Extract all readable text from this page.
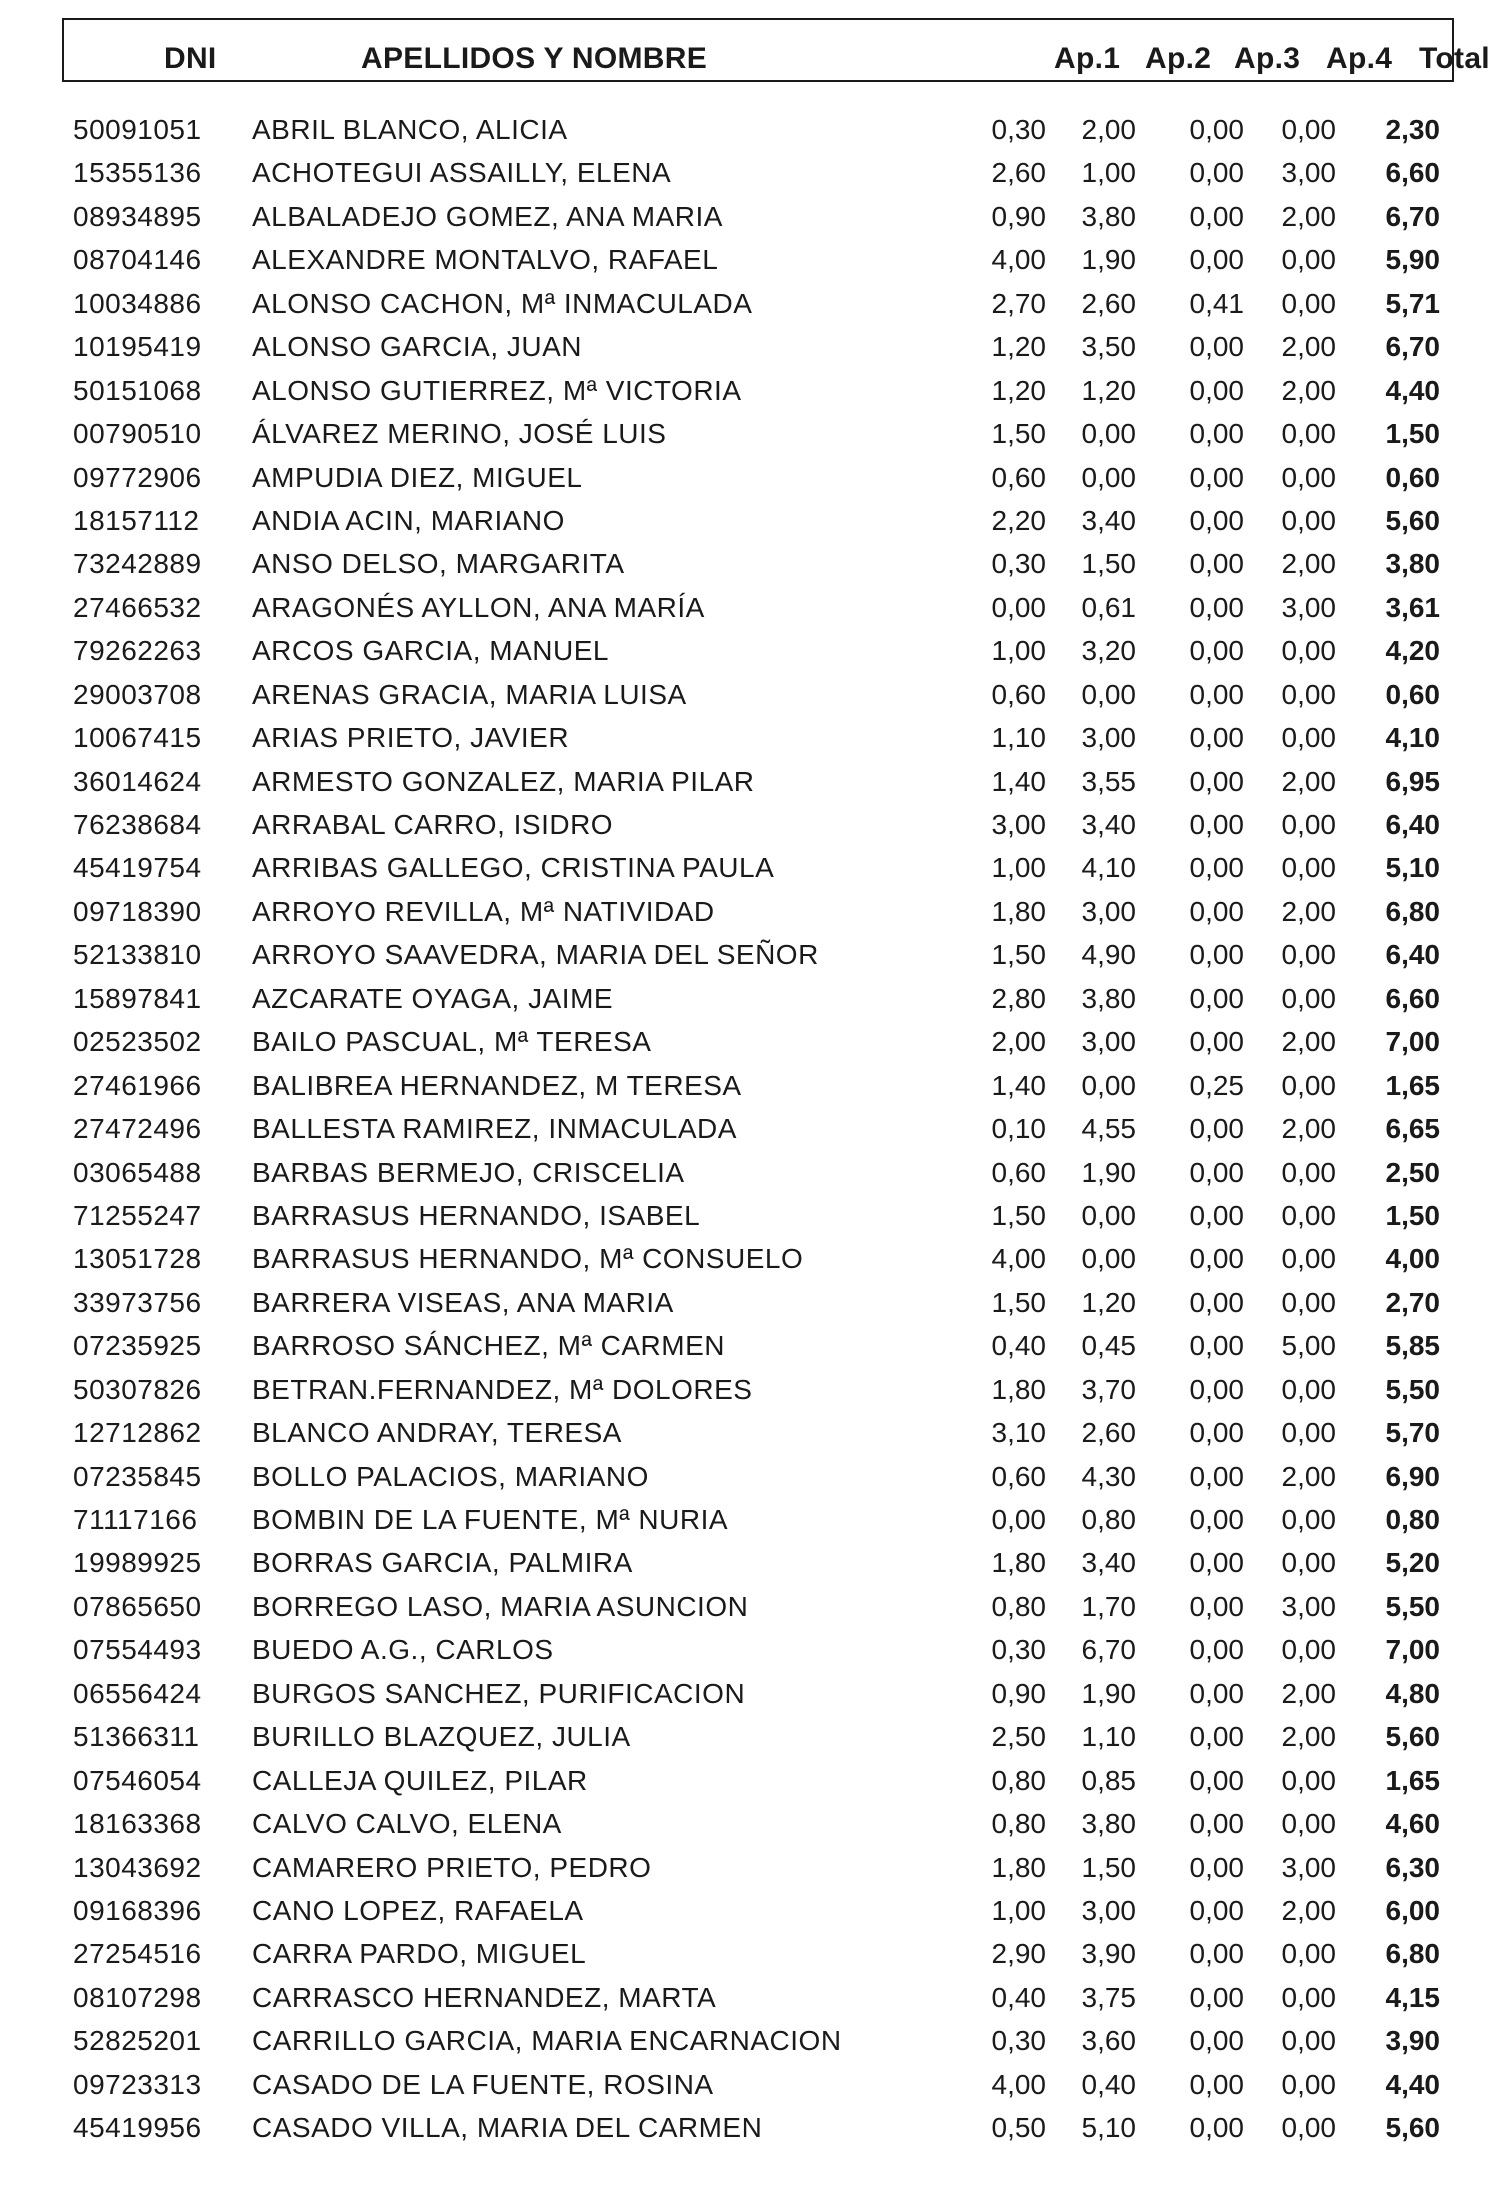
DNI	APELLIDOS Y NOMBRE	Ap.1 Ap.2 Ap.3 Ap.4 Total
50091051 ABRIL BLANCO, ALICIA	0,30	2,00	0,00	0,00	2,30
15355136 ACHOTEGUI ASSAILLY, ELENA	2,60	1,00	0,00	3,00	6,60
08934895 ALBALADEJO GOMEZ, ANA MARIA	0,90	3,80	0,00	2,00	6,70
08704146 ALEXANDRE MONTALVO, RAFAEL	4,00	1,90	0,00	0,00	5,90
10034886 ALONSO CACHON, Mª INMACULADA	2,70	2,60	0,41	0,00	5,71
10195419 ALONSO GARCIA, JUAN	1,20	3,50	0,00	2,00	6,70
50151068 ALONSO GUTIERREZ, Mª VICTORIA	1,20	1,20	0,00	2,00	4,40
00790510 ÁLVAREZ MERINO, JOSÉ LUIS	1,50	0,00	0,00	0,00	1,50
09772906 AMPUDIA DIEZ, MIGUEL	0,60	0,00	0,00	0,00	0,60
18157112 ANDIA ACIN, MARIANO	2,20	3,40	0,00	0,00	5,60
73242889 ANSO DELSO, MARGARITA	0,30	1,50	0,00	2,00	3,80
27466532 ARAGONÉS AYLLON, ANA MARÍA	0,00	0,61	0,00	3,00	3,61
79262263 ARCOS GARCIA, MANUEL	1,00	3,20	0,00	0,00	4,20
29003708 ARENAS GRACIA, MARIA LUISA	0,60	0,00	0,00	0,00	0,60
10067415 ARIAS PRIETO, JAVIER	1,10	3,00	0,00	0,00	4,10
36014624 ARMESTO GONZALEZ, MARIA PILAR	1,40	3,55	0,00	2,00	6,95
76238684 ARRABAL CARRO, ISIDRO	3,00	3,40	0,00	0,00	6,40
45419754 ARRIBAS GALLEGO, CRISTINA PAULA	1,00	4,10	0,00	0,00	5,10
09718390 ARROYO REVILLA, Mª NATIVIDAD	1,80	3,00	0,00	2,00	6,80
52133810 ARROYO SAAVEDRA, MARIA DEL SEÑOR	1,50	4,90	0,00	0,00	6,40
15897841 AZCARATE OYAGA, JAIME	2,80	3,80	0,00	0,00	6,60
02523502 BAILO PASCUAL, Mª TERESA	2,00	3,00	0,00	2,00	7,00
27461966 BALIBREA HERNANDEZ, M TERESA	1,40	0,00	0,25	0,00	1,65
27472496 BALLESTA RAMIREZ, INMACULADA	0,10	4,55	0,00	2,00	6,65
03065488 BARBAS BERMEJO, CRISCELIA	0,60	1,90	0,00	0,00	2,50
71255247 BARRASUS HERNANDO, ISABEL	1,50	0,00	0,00	0,00	1,50
13051728 BARRASUS HERNANDO, Mª CONSUELO	4,00	0,00	0,00	0,00	4,00
33973756 BARRERA VISEAS, ANA MARIA	1,50	1,20	0,00	0,00	2,70
07235925 BARROSO SÁNCHEZ, Mª CARMEN	0,40	0,45	0,00	5,00	5,85
50307826 BETRAN.FERNANDEZ, Mª DOLORES	1,80	3,70	0,00	0,00	5,50
12712862 BLANCO ANDRAY, TERESA	3,10	2,60	0,00	0,00	5,70
07235845 BOLLO PALACIOS, MARIANO	0,60	4,30	0,00	2,00	6,90
71117166 BOMBIN DE LA FUENTE, Mª NURIA	0,00	0,80	0,00	0,00	0,80
19989925 BORRAS GARCIA, PALMIRA	1,80	3,40	0,00	0,00	5,20
07865650 BORREGO LASO, MARIA ASUNCION	0,80	1,70	0,00	3,00	5,50
07554493 BUEDO A.G., CARLOS	0,30	6,70	0,00	0,00	7,00
06556424 BURGOS SANCHEZ, PURIFICACION	0,90	1,90	0,00	2,00	4,80
51366311 BURILLO BLAZQUEZ, JULIA	2,50	1,10	0,00	2,00	5,60
07546054 CALLEJA QUILEZ, PILAR	0,80	0,85	0,00	0,00	1,65
18163368 CALVO CALVO, ELENA	0,80	3,80	0,00	0,00	4,60
13043692 CAMARERO PRIETO, PEDRO	1,80	1,50	0,00	3,00	6,30
09168396 CANO LOPEZ, RAFAELA	1,00	3,00	0,00	2,00	6,00
27254516 CARRA PARDO, MIGUEL	2,90	3,90	0,00	0,00	6,80
08107298 CARRASCO HERNANDEZ, MARTA	0,40	3,75	0,00	0,00	4,15
52825201 CARRILLO GARCIA, MARIA ENCARNACION	0,30	3,60	0,00	0,00	3,90
09723313 CASADO DE LA FUENTE, ROSINA	4,00	0,40	0,00	0,00	4,40
45419956 CASADO VILLA, MARIA DEL CARMEN	0,50	5,10	0,00	0,00	5,60
